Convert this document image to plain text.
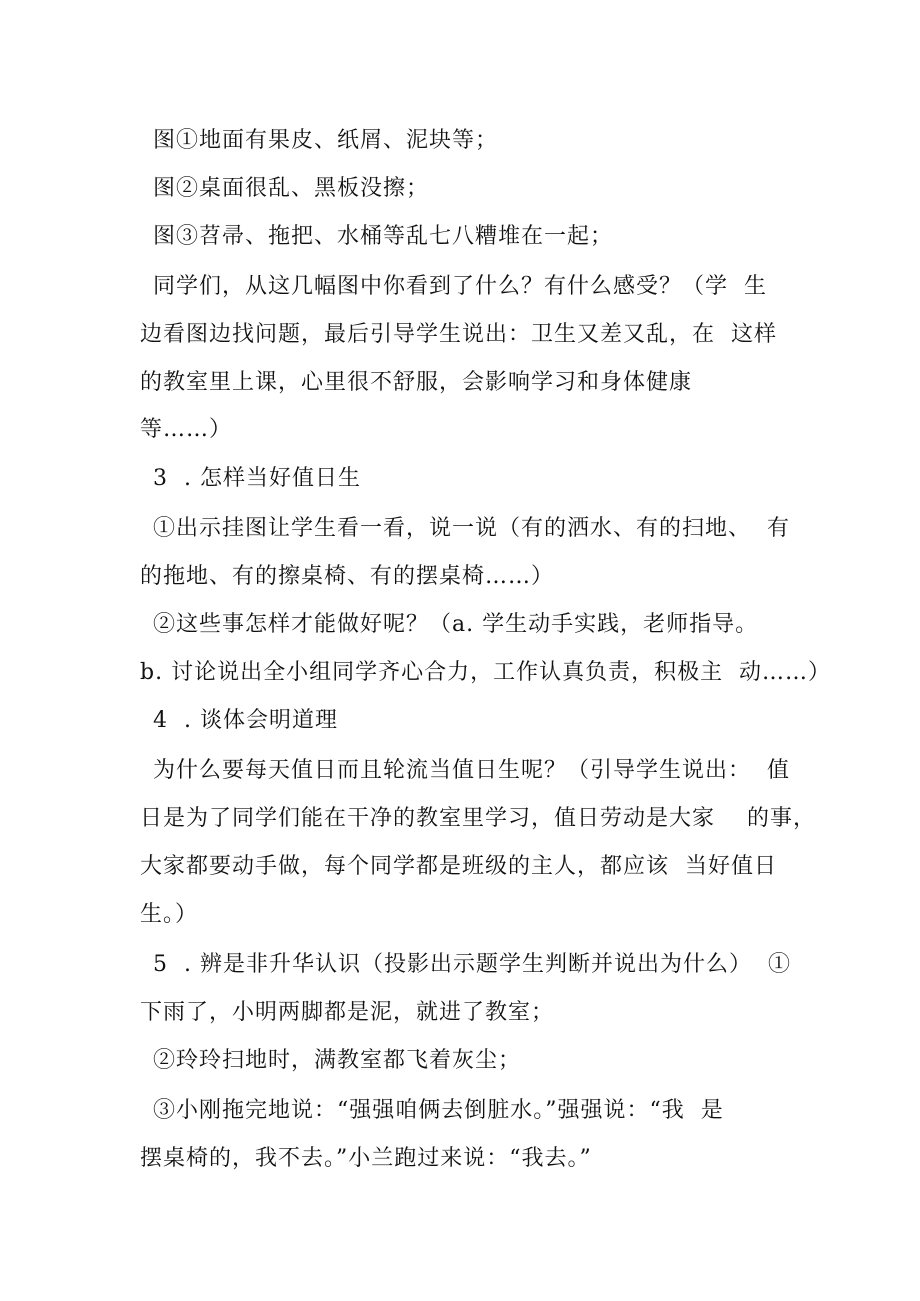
图①地面有果皮、纸屑、泥块等；

图②桌面很乱、黑板没擦；

图③苕帚、拖把、水桶等乱七八糟堆在一起；

同学们，从这几幅图中你看到了什么？有什么感受？（学  生

边看图边找问题，最后引导学生说出：卫生又差又乱，在  这样

的教室里上课，心里很不舒服，会影响学习和身体健康

等……）

3  . 怎样当好值日生

①出示挂图让学生看一看，说一说（有的洒水、有的扫地、  有

的拖地、有的擦桌椅、有的摆桌椅……）

②这些事怎样才能做好呢？（a. 学生动手实践，老师指导。

b. 讨论说出全小组同学齐心合力，工作认真负责，积极主  动……）

4  . 谈体会明道理

为什么要每天值日而且轮流当值日生呢？（引导学生说出：  值

日是为了同学们能在干净的教室里学习，值日劳动是大家    的事，

大家都要动手做，每个同学都是班级的主人，都应该  当好值日

生。）

5  . 辨是非升华认识（投影出示题学生判断并说出为什么）  ①

下雨了，小明两脚都是泥，就进了教室；

②玲玲扫地时，满教室都飞着灰尘；

③小刚拖完地说：“强强咱俩去倒脏水。”强强说：“我  是

摆桌椅的，我不去。”小兰跑过来说：“我去。”
